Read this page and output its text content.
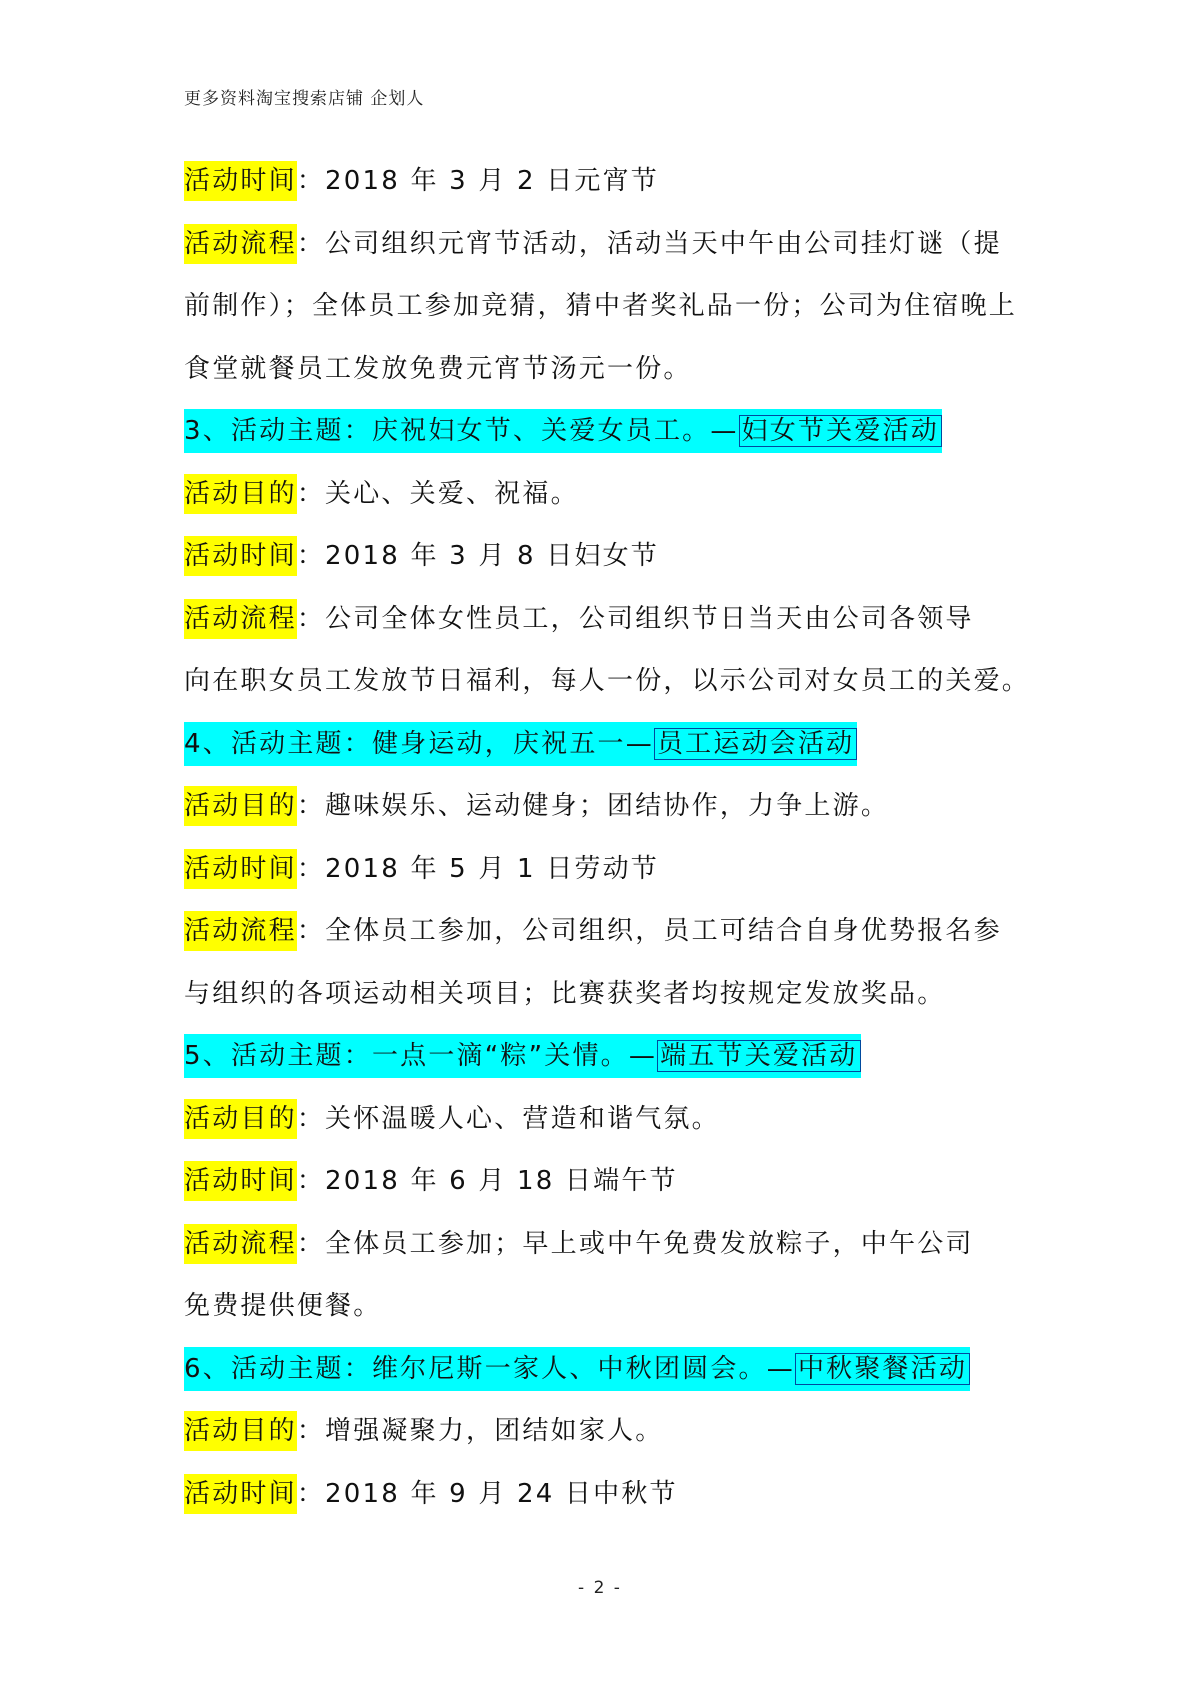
更多资料淘宝搜索店铺 企划人
活动时间：2018 年 3 月 2 日元宵节
活动流程：公司组织元宵节活动，活动当天中午由公司挂灯谜（提
前制作）；全体员工参加竞猜，猜中者奖礼品一份；公司为住宿晚上
食堂就餐员工发放免费元宵节汤元一份。
3、活动主题：庆祝妇女节、关爱女员工。— 妇女节关爱活动
活动目的：关心、关爱、祝福。
活动时间：2018 年 3 月 8 日妇女节
活动流程：公司全体女性员工，公司组织节日当天由公司各领导
向在职女员工发放节日福利，每人一份，以示公司对女员工的关爱。
4、活动主题：健身运动，庆祝五一— 员工运动会活动
活动目的：趣味娱乐、运动健身；团结协作，力争上游。
活动时间：2018 年 5 月 1 日劳动节
活动流程：全体员工参加，公司组织，员工可结合自身优势报名参
与组织的各项运动相关项目；比赛获奖者均按规定发放奖品。
5、活动主题：一点一滴“粽”关情。— 端五节关爱活动
活动目的：关怀温暖人心、营造和谐气氛。
活动时间：2018 年 6 月 18 日端午节
活动流程：全体员工参加；早上或中午免费发放粽子，中午公司
免费提供便餐。
6、活动主题：维尔尼斯一家人、中秋团圆会。— 中秋聚餐活动
活动目的：增强凝聚力，团结如家人。
活动时间：2018 年 9 月 24 日中秋节
- 2 -
